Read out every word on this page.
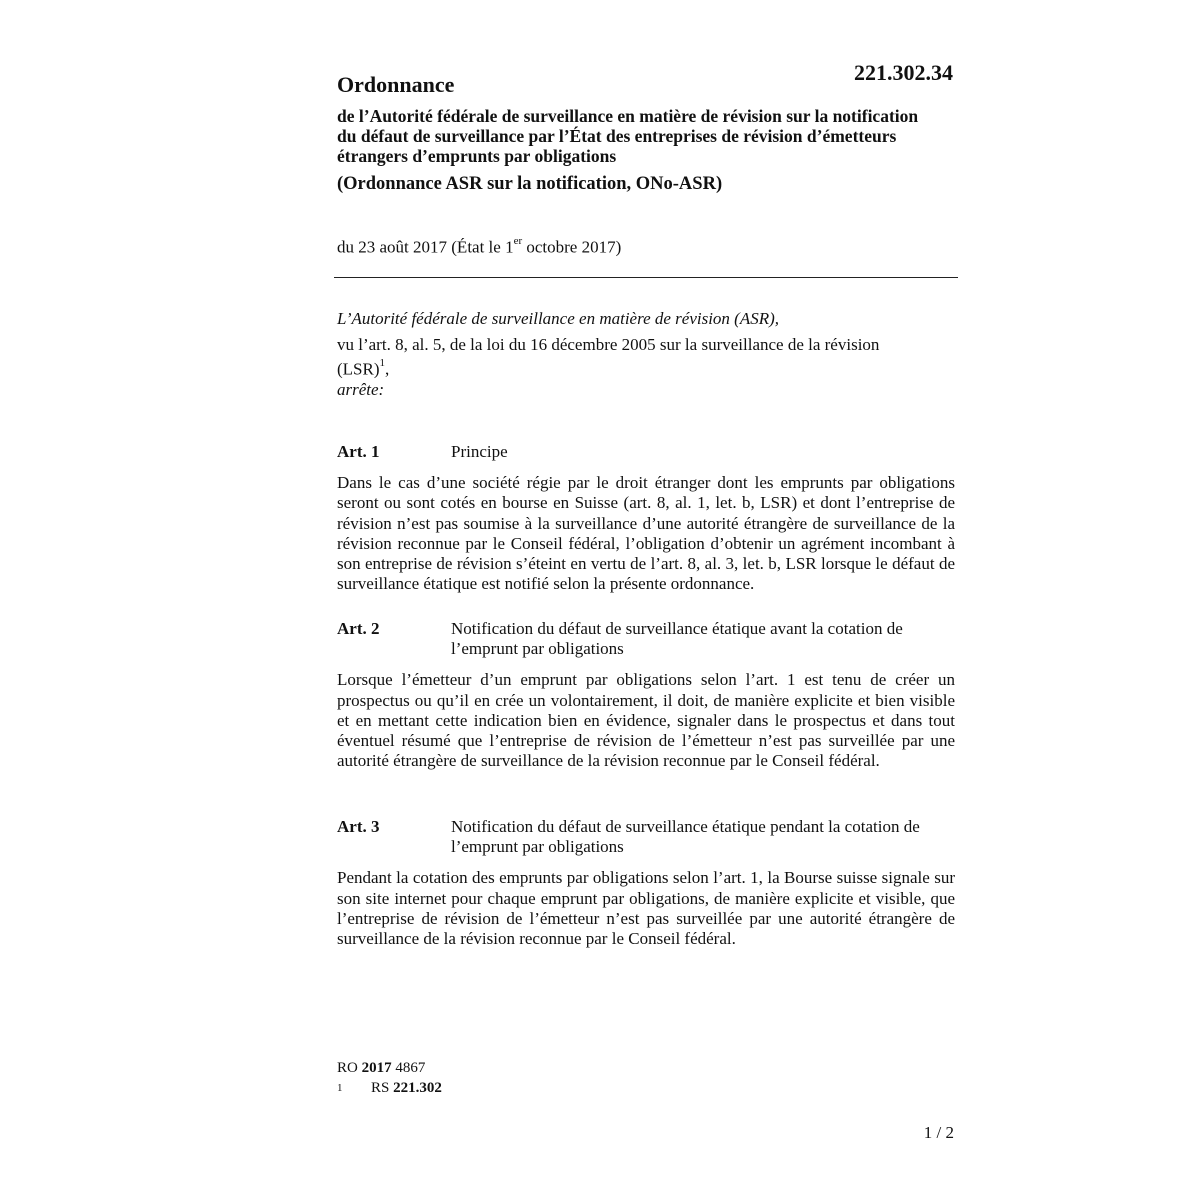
221.302.34

Ordonnance

de l’Autorité fédérale de surveillance en matière de révision sur la notification du défaut de surveillance par l’État des entreprises de révision d’émetteurs étrangers d’emprunts par obligations

(Ordonnance ASR sur la notification, ONo-ASR)

du 23 août 2017 (État le 1er octobre 2017)

L’Autorité fédérale de surveillance en matière de révision (ASR),

vu l’art. 8, al. 5, de la loi du 16 décembre 2005 sur la surveillance de la révision (LSR)$^1$,

arrête:

Art. 1	Principe

Dans le cas d’une société régie par le droit étranger dont les emprunts par obligations seront ou sont cotés en bourse en Suisse (art. 8, al. 1, let. b, LSR) et dont l’entreprise de révision n’est pas soumise à la surveillance d’une autorité étrangère de surveillance de la révision reconnue par le Conseil fédéral, l’obligation d’obtenir un agrément incombant à son entreprise de révision s’éteint en vertu de l’art. 8, al. 3, let. b, LSR lorsque le défaut de surveillance étatique est notifié selon la présente ordonnance.

Art. 2	Notification du défaut de surveillance étatique avant la cotation de l’emprunt par obligations

Lorsque l’émetteur d’un emprunt par obligations selon l’art. 1 est tenu de créer un prospectus ou qu’il en crée un volontairement, il doit, de manière explicite et bien visible et en mettant cette indication bien en évidence, signaler dans le prospectus et dans tout éventuel résumé que l’entreprise de révision de l’émetteur n’est pas surveillée par une autorité étrangère de surveillance de la révision reconnue par le Conseil fédéral.

Art. 3	Notification du défaut de surveillance étatique pendant la cotation de l’emprunt par obligations

Pendant la cotation des emprunts par obligations selon l’art. 1, la Bourse suisse signale sur son site internet pour chaque emprunt par obligations, de manière explicite et visible, que l’entreprise de révision de l’émetteur n’est pas surveillée par une autorité étrangère de surveillance de la révision reconnue par le Conseil fédéral.

RO 2017 4867

1 RS 221.302

1 / 2
